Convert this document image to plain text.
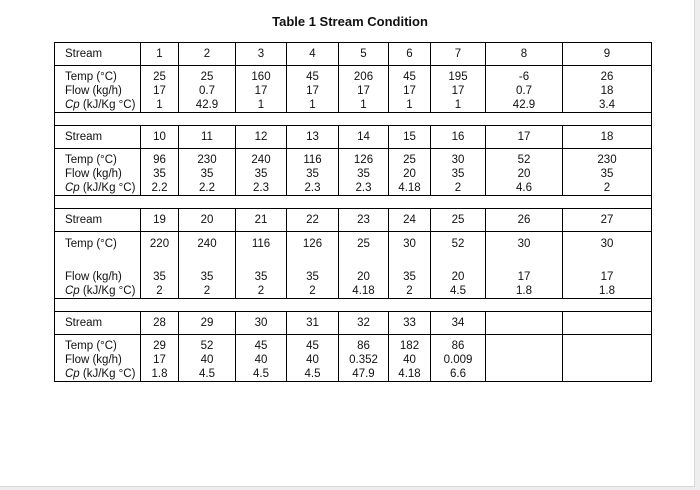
Table 1 Stream Condition
Stream	1	2	3	4	5	6	7	8	9

Temp (°C)	25	25	160	45	206	45	195	-6	26
Flow (kg/h)	17	0.7	17	17	17	17	17	0.7	18
Cp (kJ/Kg °C)	1	42.9	1	1	1	1	1	42.9	3.4

Stream	10	11	12	13	14	15	16	17	18

Temp (°C)	96	230	240	116	126	25	30	52	230
Flow (kg/h)	35	35	35	35	35	20	35	20	35
Cp (kJ/Kg °C)	2.2	2.2	2.3	2.3	2.3	4.18	2	4.6	2

Stream	19	20	21	22	23	24	25	26	27
Temp (°C)	220	240	116	126	25	30	52	30	30

Flow (kg/h)	35	35	35	35	20	35	20	17	17
Cp (kJ/Kg °C)	2	2	2	2	4.18	2	4.5	1.8	1.8

Stream	28	29	30	31	32	33	34		

Temp (°C)	29	52	45	45	86	182	86		
Flow (kg/h)	17	40	40	40	0.352	40	0.009		
Cp (kJ/Kg °C)	1.8	4.5	4.5	4.5	47.9	4.18	6.6		
